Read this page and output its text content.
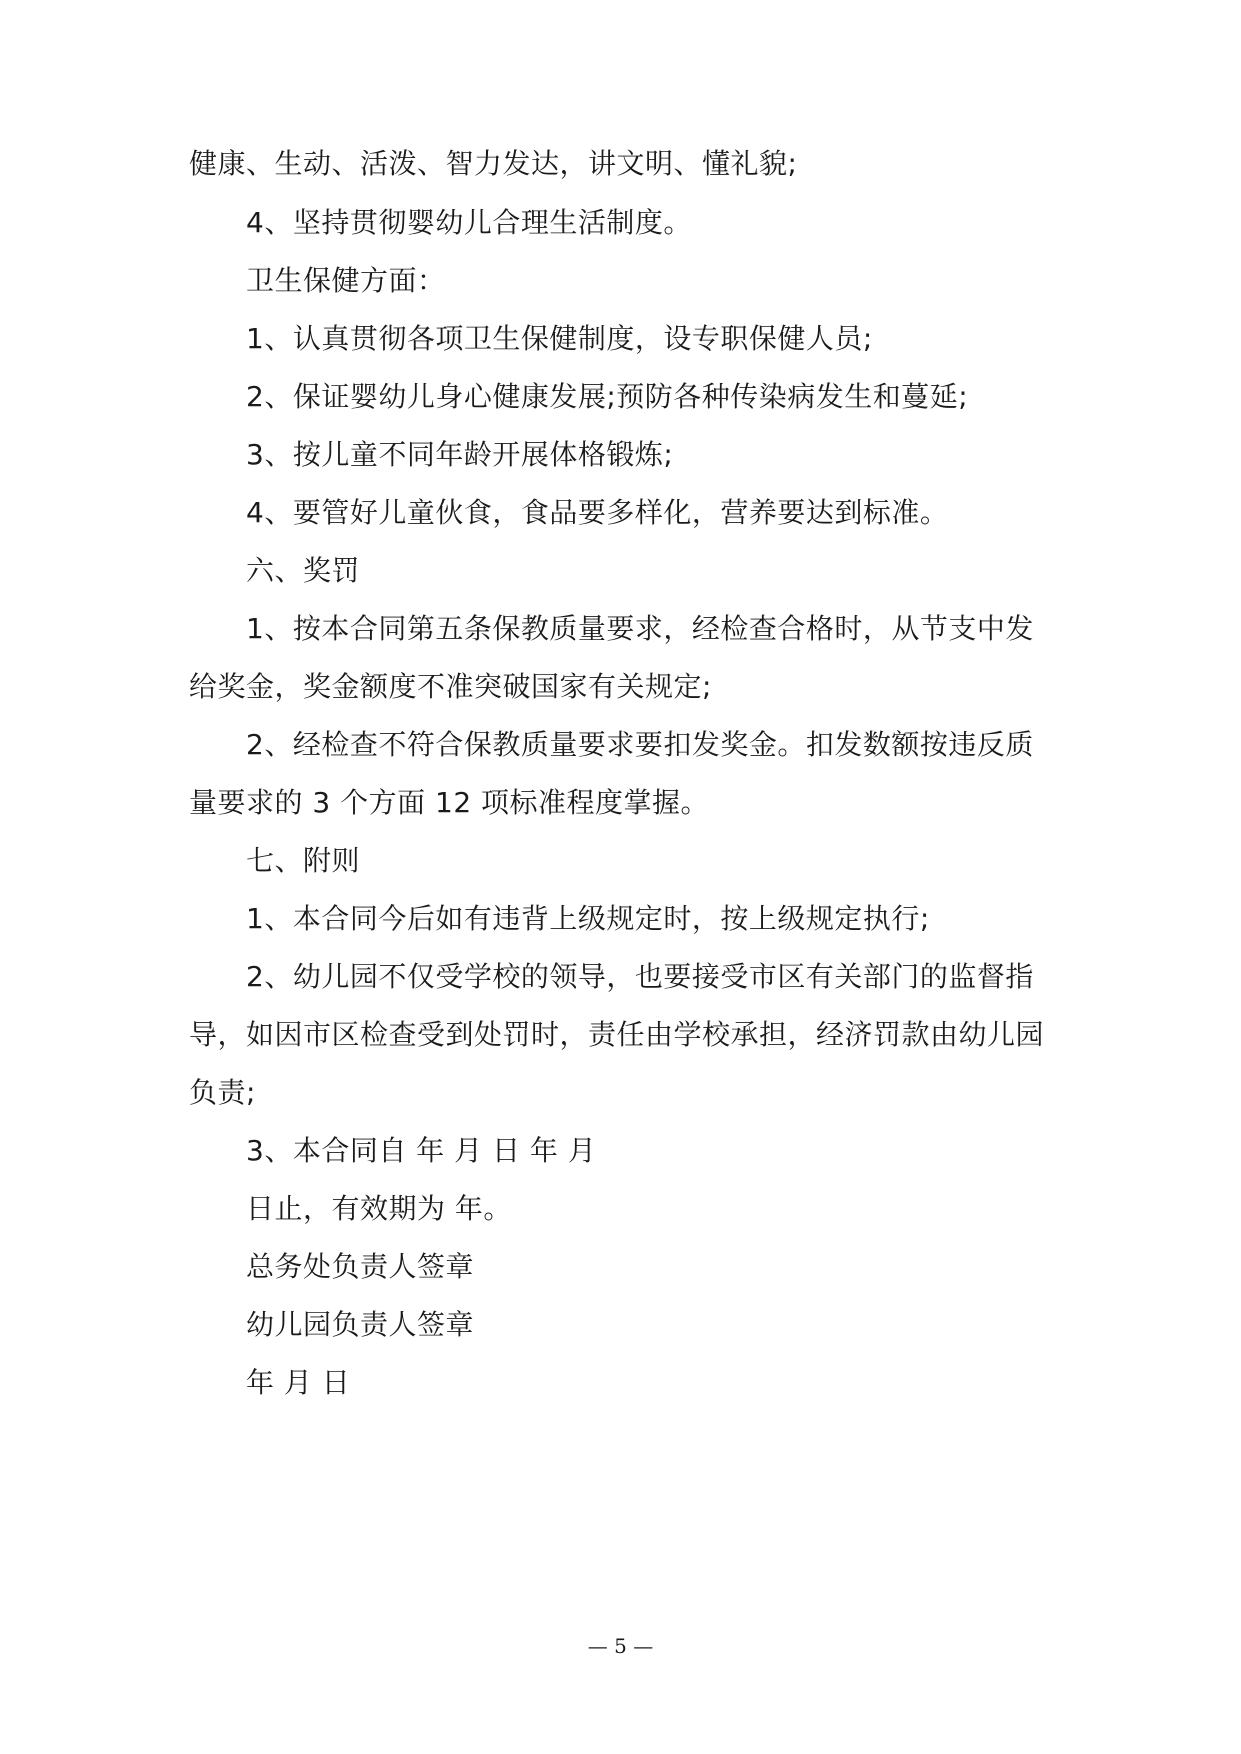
健康、生动、活泼、智力发达，讲文明、懂礼貌;
4、坚持贯彻婴幼儿合理生活制度。
卫生保健方面：
1、认真贯彻各项卫生保健制度，设专职保健人员;
2、保证婴幼儿身心健康发展;预防各种传染病发生和蔓延;
3、按儿童不同年龄开展体格锻炼;
4、要管好儿童伙食，食品要多样化，营养要达到标准。
六、奖罚
1、按本合同第五条保教质量要求，经检查合格时，从节支中发
给奖金，奖金额度不准突破国家有关规定;
2、经检查不符合保教质量要求要扣发奖金。扣发数额按违反质
量要求的 3 个方面 12 项标准程度掌握。
七、附则
1、本合同今后如有违背上级规定时，按上级规定执行;
2、幼儿园不仅受学校的领导，也要接受市区有关部门的监督指
导，如因市区检查受到处罚时，责任由学校承担，经济罚款由幼儿园
负责;
3、本合同自 年 月 日 年 月
日止，有效期为 年。
总务处负责人签章
幼儿园负责人签章
年 月 日
— 5 —
